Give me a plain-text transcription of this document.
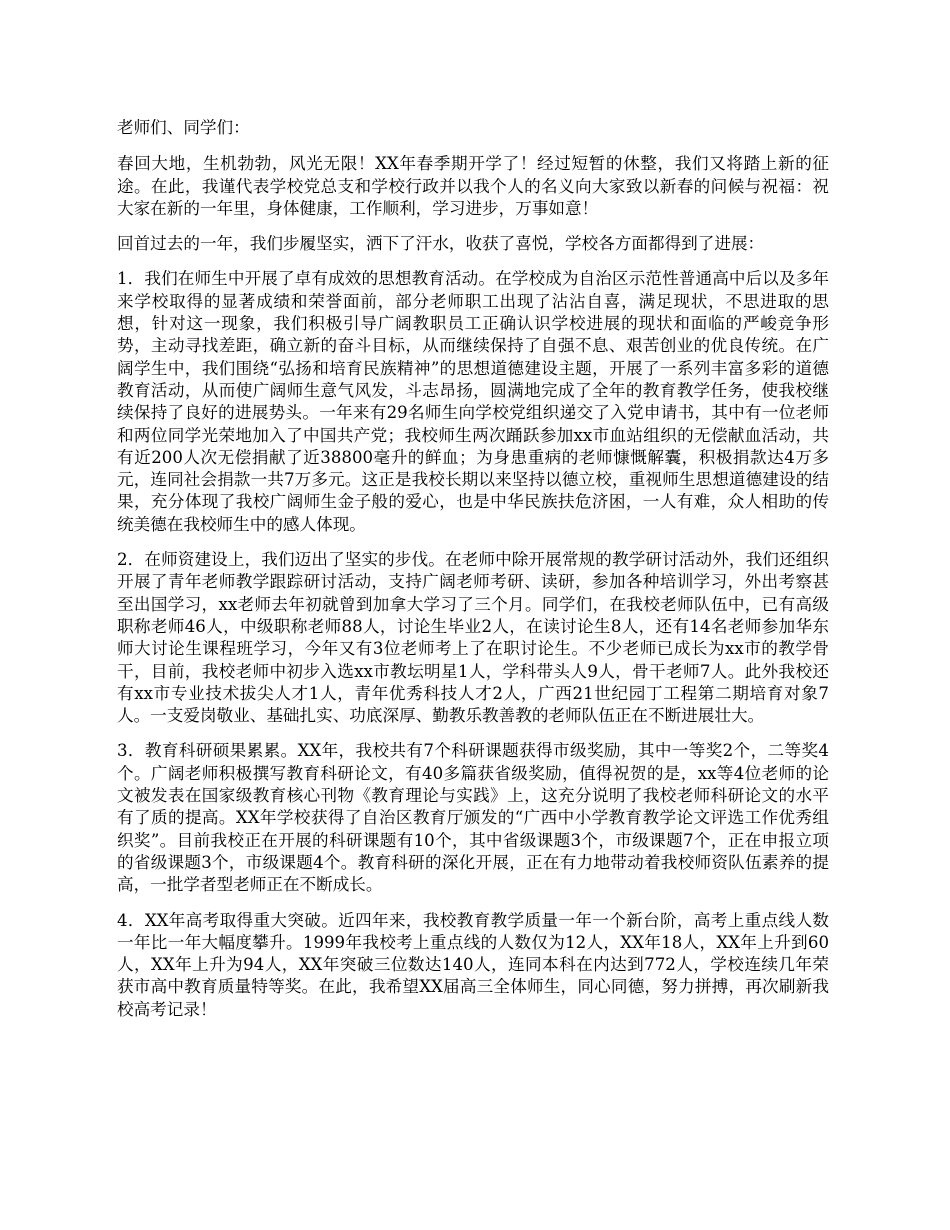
老师们、同学们：

春回大地，生机勃勃，风光无限！XX年春季期开学了！经过短暂的休整，我们又将踏上新的征途。在此，我谨代表学校党总支和学校行政并以我个人的名义向大家致以新春的问候与祝福：祝大家在新的一年里，身体健康，工作顺利，学习进步，万事如意！

回首过去的一年，我们步履坚实，洒下了汗水，收获了喜悦，学校各方面都得到了进展：

1．我们在师生中开展了卓有成效的思想教育活动。在学校成为自治区示范性普通高中后以及多年来学校取得的显著成绩和荣誉面前，部分老师职工出现了沾沾自喜，满足现状，不思进取的思想，针对这一现象，我们积极引导广阔教职员工正确认识学校进展的现状和面临的严峻竞争形势，主动寻找差距，确立新的奋斗目标，从而继续保持了自强不息、艰苦创业的优良传统。在广阔学生中，我们围绕“弘扬和培育民族精神”的思想道德建设主题，开展了一系列丰富多彩的道德教育活动，从而使广阔师生意气风发，斗志昂扬，圆满地完成了全年的教育教学任务，使我校继续保持了良好的进展势头。一年来有29名师生向学校党组织递交了入党申请书，其中有一位老师和两位同学光荣地加入了中国共产党；我校师生两次踊跃参加xx市血站组织的无偿献血活动，共有近200人次无偿捐献了近38800毫升的鲜血；为身患重病的老师慷慨解囊，积极捐款达4万多元，连同社会捐款一共7万多元。这正是我校长期以来坚持以德立校，重视师生思想道德建设的结果，充分体现了我校广阔师生金子般的爱心，也是中华民族扶危济困，一人有难，众人相助的传统美德在我校师生中的感人体现。

2．在师资建设上，我们迈出了坚实的步伐。在老师中除开展常规的教学研讨活动外，我们还组织开展了青年老师教学跟踪研讨活动，支持广阔老师考研、读研，参加各种培训学习，外出考察甚至出国学习，xx老师去年初就曾到加拿大学习了三个月。同学们，在我校老师队伍中，已有高级职称老师46人，中级职称老师88人，讨论生毕业2人，在读讨论生8人，还有14名老师参加华东师大讨论生课程班学习，今年又有3位老师考上了在职讨论生。不少老师已成长为xx市的教学骨干，目前，我校老师中初步入选xx市教坛明星1人，学科带头人9人，骨干老师7人。此外我校还有xx市专业技术拔尖人才1人，青年优秀科技人才2人，广西21世纪园丁工程第二期培育对象7人。一支爱岗敬业、基础扎实、功底深厚、勤教乐教善教的老师队伍正在不断进展壮大。

3．教育科研硕果累累。XX年，我校共有7个科研课题获得市级奖励，其中一等奖2个，二等奖4个。广阔老师积极撰写教育科研论文，有40多篇获省级奖励，值得祝贺的是，xx等4位老师的论文被发表在国家级教育核心刊物《教育理论与实践》上，这充分说明了我校老师科研论文的水平有了质的提高。XX年学校获得了自治区教育厅颁发的“广西中小学教育教学论文评选工作优秀组织奖”。目前我校正在开展的科研课题有10个，其中省级课题3个，市级课题7个，正在申报立项的省级课题3个，市级课题4个。教育科研的深化开展，正在有力地带动着我校师资队伍素养的提高，一批学者型老师正在不断成长。

4．XX年高考取得重大突破。近四年来，我校教育教学质量一年一个新台阶，高考上重点线人数一年比一年大幅度攀升。1999年我校考上重点线的人数仅为12人，XX年18人，XX年上升到60人，XX年上升为94人，XX年突破三位数达140人，连同本科在内达到772人，学校连续几年荣获市高中教育质量特等奖。在此，我希望XX届高三全体师生，同心同德，努力拼搏，再次刷新我校高考记录！
